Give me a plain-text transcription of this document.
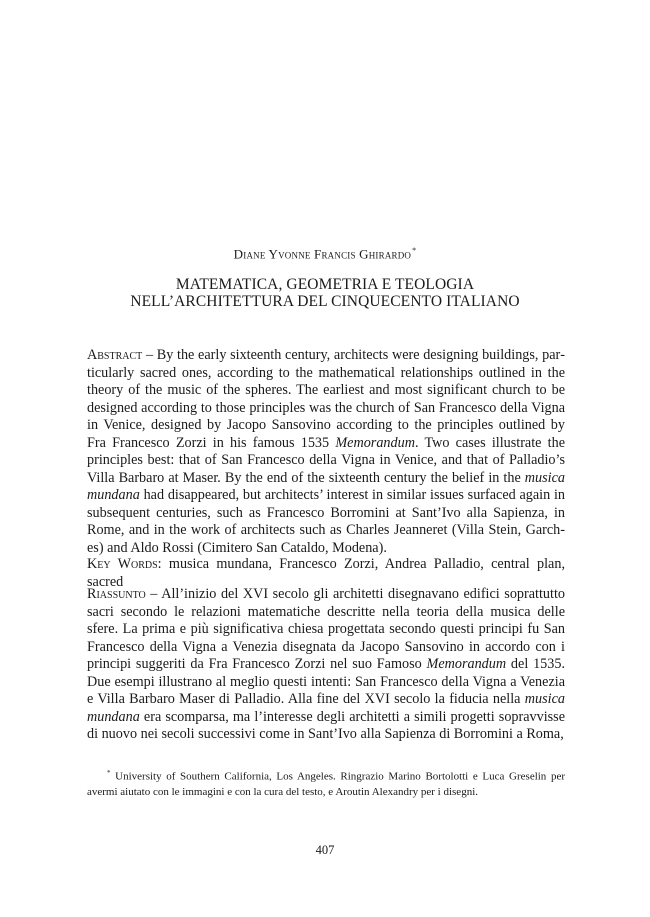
Diane Yvonne Francis Ghirardo*
MATEMATICA, GEOMETRIA E TEOLOGIA
NELL’ARCHITETTURA DEL CINQUECENTO ITALIANO
Abstract – By the early sixteenth century, architects were designing buildings, particularly sacred ones, according to the mathematical relationships outlined in the theory of the music of the spheres. The earliest and most significant church to be designed according to those principles was the church of San Francesco della Vigna in Venice, designed by Jacopo Sansovino according to the principles outlined by Fra Francesco Zorzi in his famous 1535 Memorandum. Two cases illustrate the principles best: that of San Francesco della Vigna in Venice, and that of Palladio’s Villa Barbaro at Maser. By the end of the sixteenth century the belief in the musica mundana had disappeared, but architects’ interest in similar issues surfaced again in subsequent centuries, such as Francesco Borromini at Sant’Ivo alla Sapienza, in Rome, and in the work of architects such as Charles Jeanneret (Villa Stein, Garches) and Aldo Rossi (Cimitero San Cataldo, Modena).
Key Words: musica mundana, Francesco Zorzi, Andrea Palladio, central plan, sacred
Riassunto – All’inizio del XVI secolo gli architetti disegnavano edifici soprattutto sacri secondo le relazioni matematiche descritte nella teoria della musica delle sfere. La prima e più significativa chiesa progettata secondo questi principi fu San Francesco della Vigna a Venezia disegnata da Jacopo Sansovino in accordo con i principi suggeriti da Fra Francesco Zorzi nel suo Famoso Memorandum del 1535. Due esempi illustrano al meglio questi intenti: San Francesco della Vigna a Venezia e Villa Barbaro Maser di Palladio. Alla fine del XVI secolo la fiducia nella musica mundana era scomparsa, ma l’interesse degli architetti a simili progetti sopravvisse di nuovo nei secoli successivi come in Sant’Ivo alla Sapienza di Borromini a Roma,
* University of Southern California, Los Angeles. Ringrazio Marino Bortolotti e Luca Greselin per avermi aiutato con le immagini e con la cura del testo, e Aroutin Alexandry per i disegni.
407
